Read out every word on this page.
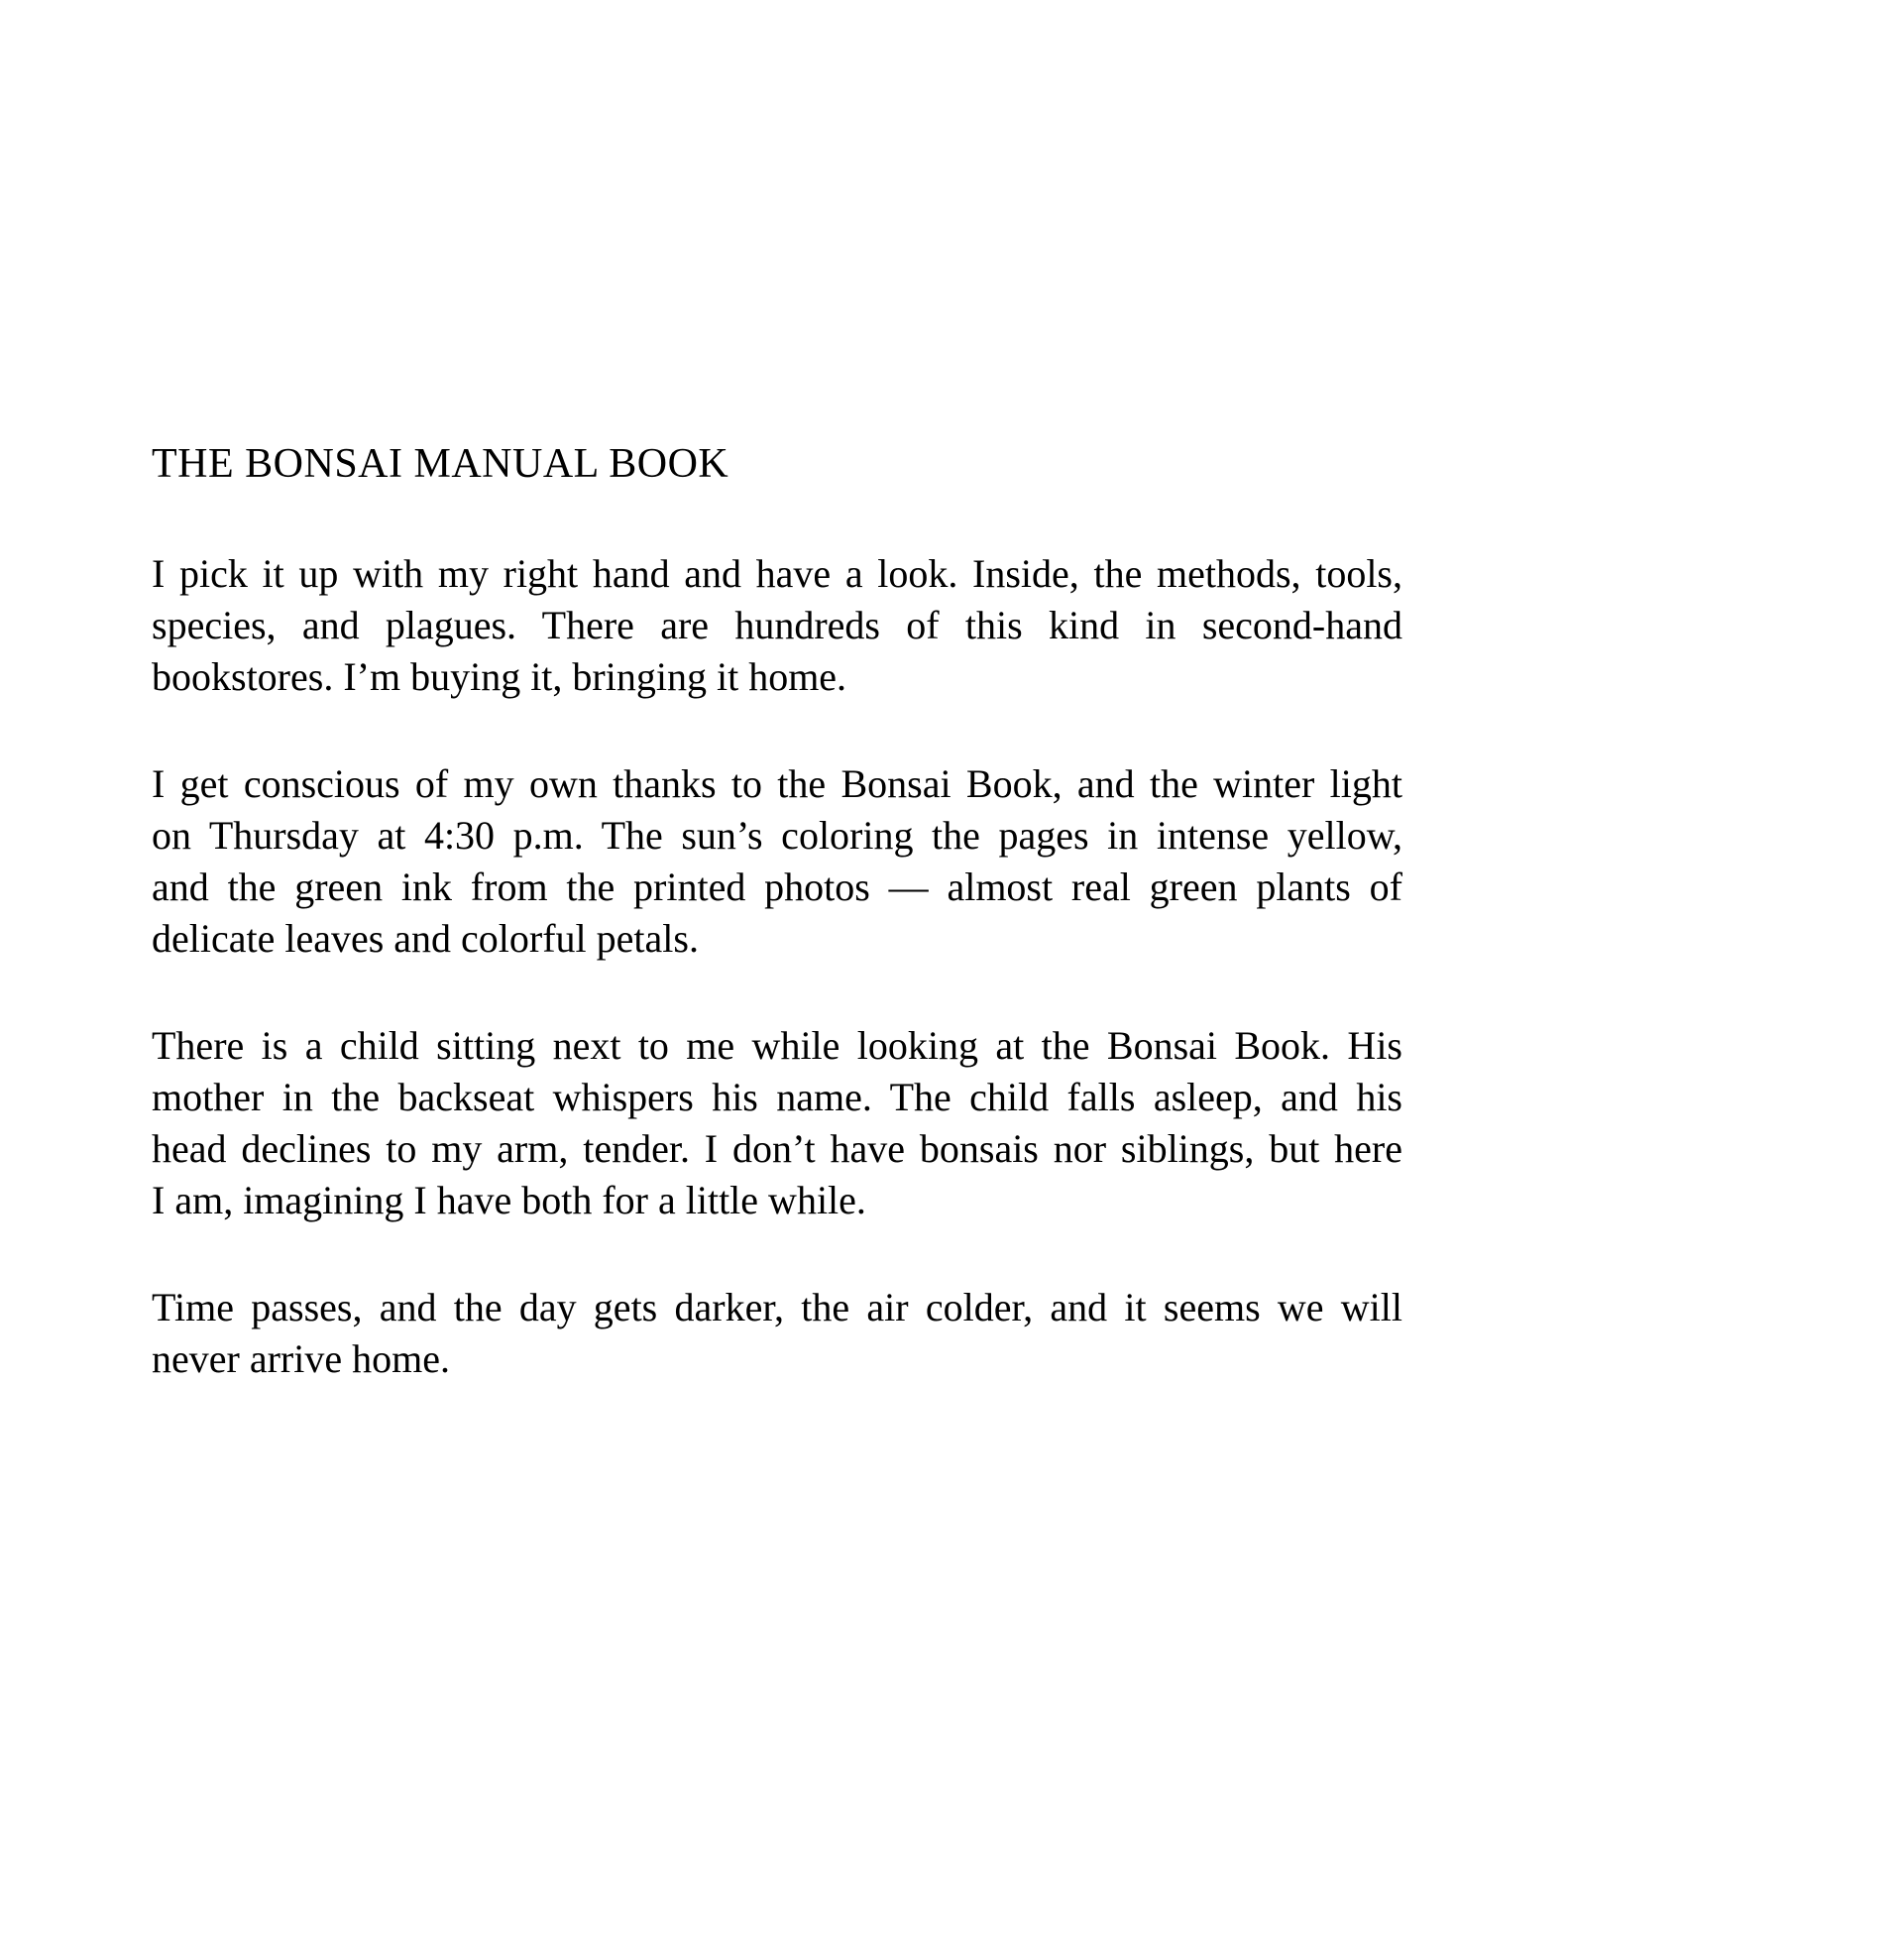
THE BONSAI MANUAL BOOK

I pick it up with my right hand and have a look. Inside, the methods, tools,
species, and plagues. There are hundreds of this kind in second-hand
bookstores. I’m buying it, bringing it home.

I get conscious of my own thanks to the Bonsai Book, and the winter light
on Thursday at 4:30 p.m. The sun’s coloring the pages in intense yellow,
and the green ink from the printed photos — almost real green plants of
delicate leaves and colorful petals.

There is a child sitting next to me while looking at the Bonsai Book. His
mother in the backseat whispers his name. The child falls asleep, and his
head declines to my arm, tender. I don’t have bonsais nor siblings, but here
I am, imagining I have both for a little while.

Time passes, and the day gets darker, the air colder, and it seems we will
never arrive home.
